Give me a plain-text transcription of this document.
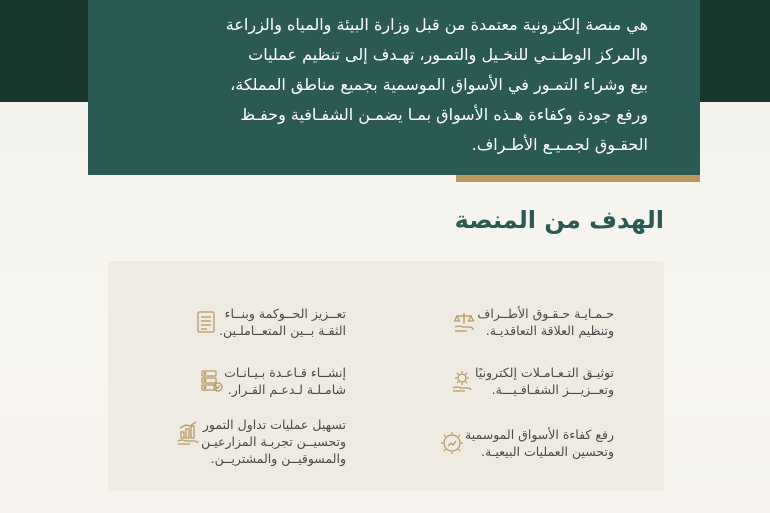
هي منصة إلكترونية معتمدة من قبل وزارة البيئة والمياه والزراعة
والمركز الوطـنـي للنخـيل والتمـور، تهـدف إلى تنظيم عمليات
بيع وشراء التمـور في الأسواق الموسمية بجميع مناطق المملكة،
ورفع جودة وكفاءة هـذه الأسواق بمـا يضمـن الشفـافية وحفـظ
الحقـوق لجمـيـع الأطـراف.

الهدف من المنصة
حـمـايـة حـقـوق الأطــراف
وتنظيم العلاقة التعاقديـة.
توثيـق التـعـامـلات إلكترونيًا
وتعــزيـــز الشفـافـيـــة.
رفع كفاءة الأسواق الموسمية
وتحسين العمليات البيعيـة.
تعــزيز الحــوكمة وبنــاء
الثقـة بــين المتعــاملـين.
إنشــاء قـاعـدة بـيـانـات
شامـلـة لـدعـم القـرار.
تسهيل عمليات تداول التمور
وتحسيــن تجربـة المزارعيـن
والمسوقيــن والمشتريــن.
